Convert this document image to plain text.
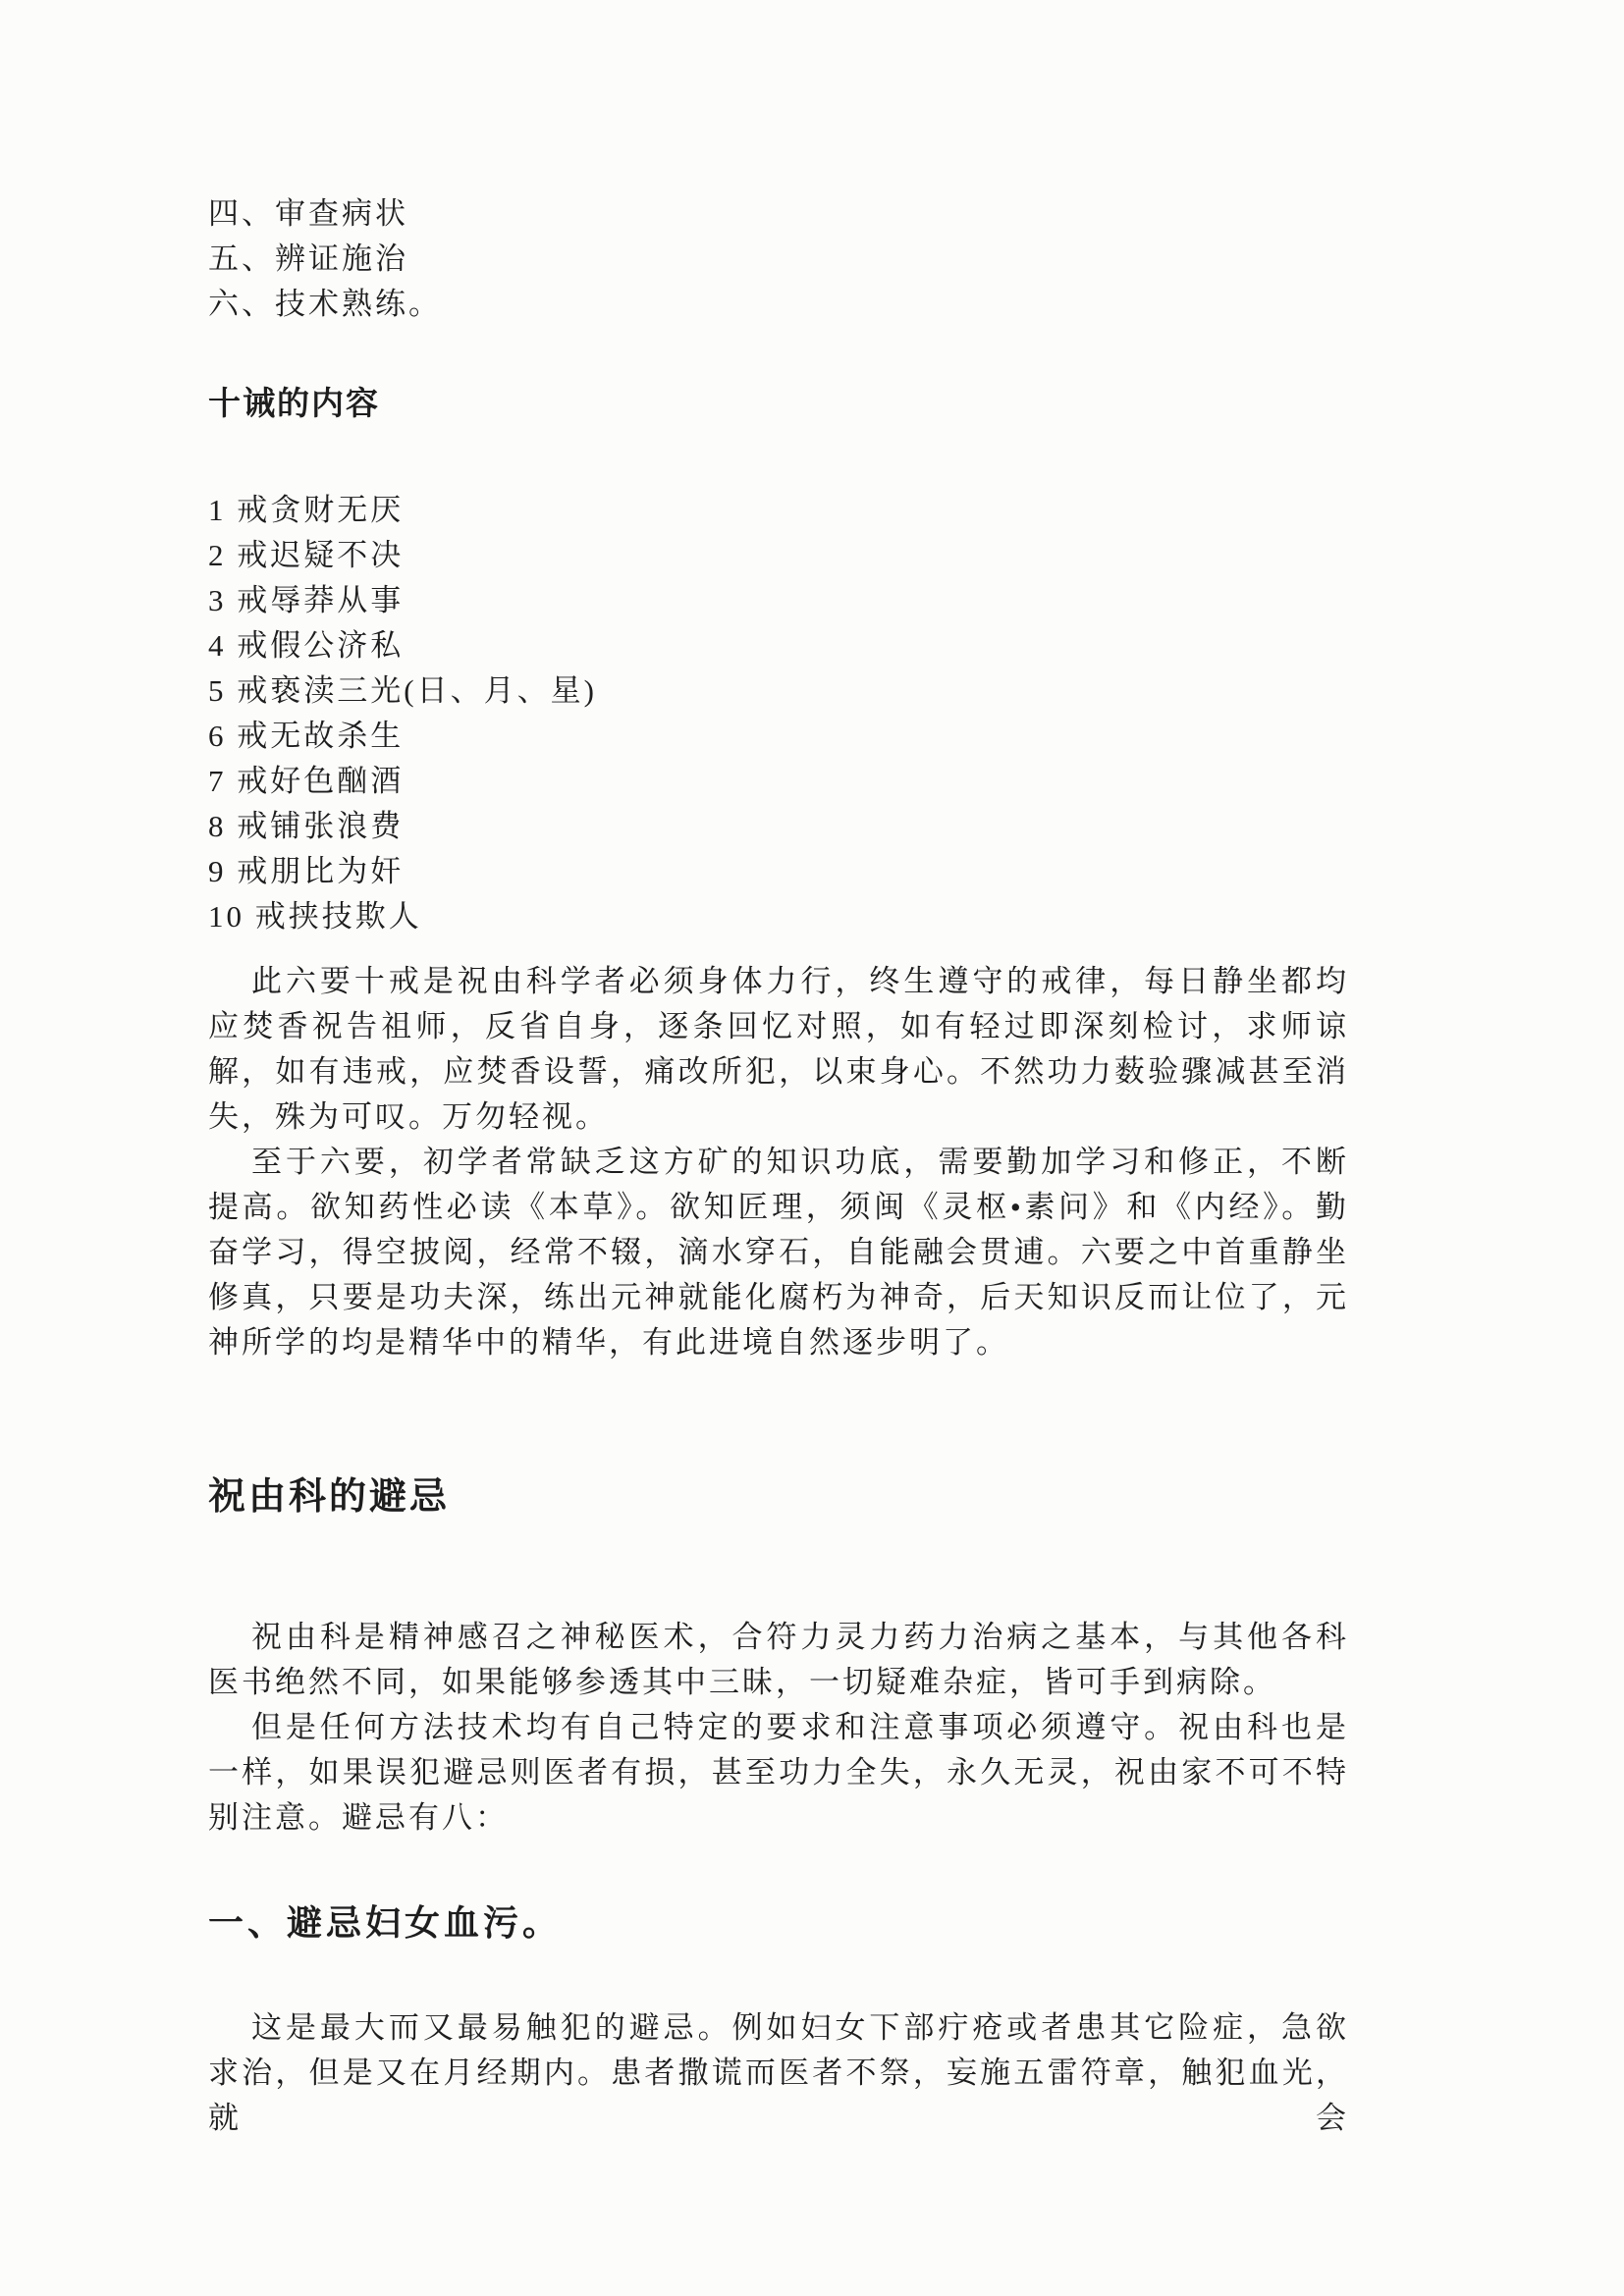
四、审查病状
五、辨证施治
六、技术熟练。
十诫的内容
1 戒贪财无厌
2 戒迟疑不决
3 戒辱莽从事
4 戒假公济私
5 戒亵渎三光(日、月、星)
6 戒无故杀生
7 戒好色酗酒
8 戒铺张浪费
9 戒朋比为奸
10 戒挟技欺人

此六要十戒是祝由科学者必须身体力行，终生遵守的戒律，每日静坐都均应焚香祝告祖师，反省自身，逐条回忆对照，如有轻过即深刻检讨，求师谅解，如有违戒，应焚香设誓，痛改所犯，以束身心。不然功力薮验骤减甚至消失，殊为可叹。万勿轻视。

至于六要，初学者常缺乏这方矿的知识功底，需要勤加学习和修正，不断提高。欲知药性必读《本草》。欲知匠理，须闽《灵枢•素问》和《内经》。勤奋学习，得空披阅，经常不辍，滴水穿石，自能融会贯逋。六要之中首重静坐修真，只要是功夫深，练出元神就能化腐朽为神奇，后天知识反而让位了，元神所学的均是精华中的精华，有此进境自然逐步明了。

祝由科的避忌

祝由科是精神感召之神秘医术，合符力灵力药力治病之基本，与其他各科医书绝然不同，如果能够参透其中三昧，一切疑难杂症，皆可手到病除。

但是任何方法技术均有自己特定的要求和注意事项必须遵守。祝由科也是一样，如果误犯避忌则医者有损，甚至功力全失，永久无灵，祝由家不可不特别注意。避忌有八：

一、避忌妇女血污。

这是最大而又最易触犯的避忌。例如妇女下部疔疮或者患其它险症，急欲求治，但是又在月经期内。患者撒谎而医者不祭，妄施五雷符章，触犯血光，就会
